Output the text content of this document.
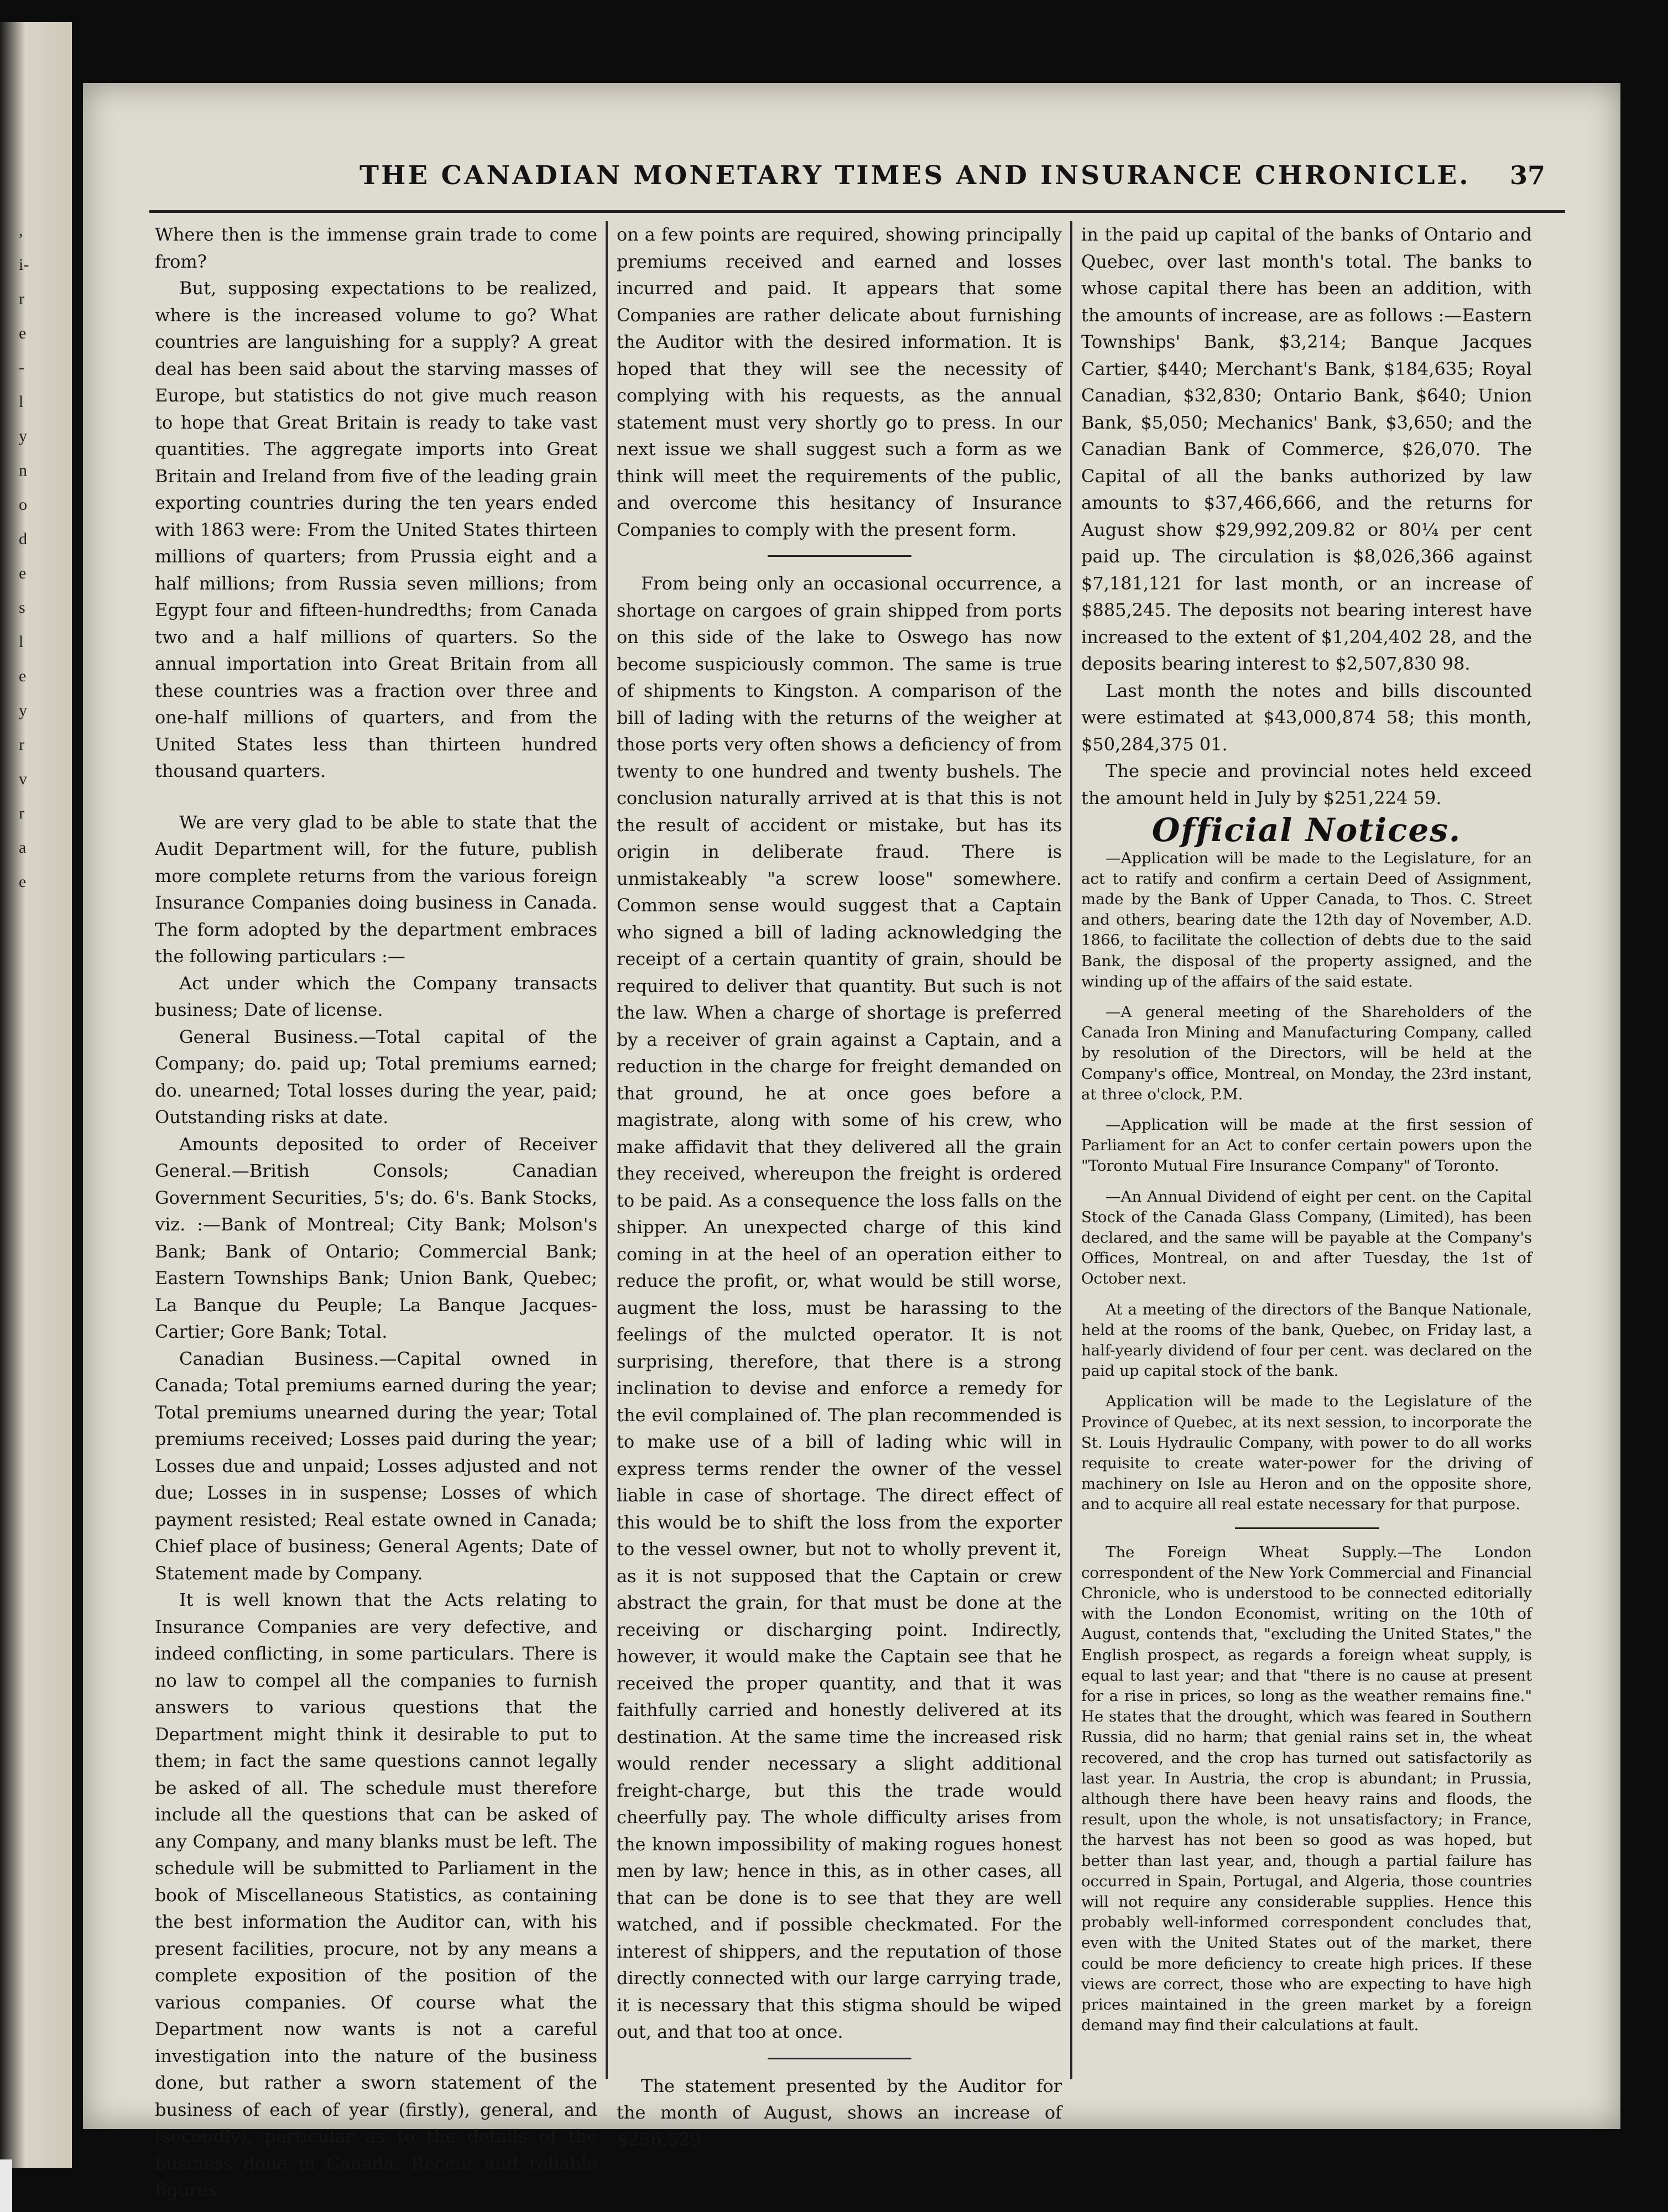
,
i-
r
e
-
l
y
n
o
d
e
s
l
e
y
r
v
r
a
e
THE CANADIAN MONETARY TIMES AND INSURANCE CHRONICLE. 37

Where then is the immense grain trade to come from?

But, supposing expectations to be realized, where is the increased volume to go? What countries are languishing for a supply? A great deal has been said about the starving masses of Europe, but statistics do not give much reason to hope that Great Britain is ready to take vast quantities. The aggregate imports into Great Britain and Ireland from five of the leading grain exporting countries during the ten years ended with 1863 were: From the United States thirteen millions of quarters; from Prussia eight and a half millions; from Russia seven millions; from Egypt four and fifteen-hundredths; from Canada two and a half millions of quarters. So the annual importation into Great Britain from all these countries was a fraction over three and one-half millions of quarters, and from the United States less than thirteen hundred thousand quarters.

We are very glad to be able to state that the Audit Department will, for the future, publish more complete returns from the various foreign Insurance Companies doing business in Canada. The form adopted by the department embraces the following particulars :—

Act under which the Company transacts business; Date of license.

General Business.—Total capital of the Company; do. paid up; Total premiums earned; do. unearned; Total losses during the year, paid; Outstanding risks at date.

Amounts deposited to order of Receiver General.—British Consols; Canadian Government Securities, 5's; do. 6's. Bank Stocks, viz. :—Bank of Montreal; City Bank; Molson's Bank; Bank of Ontario; Commercial Bank; Eastern Townships Bank; Union Bank, Quebec; La Banque du Peuple; La Banque Jacques-Cartier; Gore Bank; Total.

Canadian Business.—Capital owned in Canada; Total premiums earned during the year; Total premiums unearned during the year; Total premiums received; Losses paid during the year; Losses due and unpaid; Losses adjusted and not due; Losses in in suspense; Losses of which payment resisted; Real estate owned in Canada; Chief place of business; General Agents; Date of Statement made by Company.

It is well known that the Acts relating to Insurance Companies are very defective, and indeed conflicting, in some particulars. There is no law to compel all the companies to furnish answers to various questions that the Department might think it desirable to put to them; in fact the same questions cannot legally be asked of all. The schedule must therefore include all the questions that can be asked of any Company, and many blanks must be left. The schedule will be submitted to Parliament in the book of Miscellaneous Statistics, as containing the best information the Auditor can, with his present facilities, procure, not by any means a complete exposition of the position of the various companies. Of course what the Department now wants is not a careful investigation into the nature of the business done, but rather a sworn statement of the business of each of year (firstly), general, and (secondly), particular as to the details of the business done in Canada. Recent and reliable figures

on a few points are required, showing principally premiums received and earned and losses incurred and paid. It appears that some Companies are rather delicate about furnishing the Auditor with the desired information. It is hoped that they will see the necessity of complying with his requests, as the annual statement must very shortly go to press. In our next issue we shall suggest such a form as we think will meet the requirements of the public, and overcome this hesitancy of Insurance Companies to comply with the present form.

From being only an occasional occurrence, a shortage on cargoes of grain shipped from ports on this side of the lake to Oswego has now become suspiciously common. The same is true of shipments to Kingston. A comparison of the bill of lading with the returns of the weigher at those ports very often shows a deficiency of from twenty to one hundred and twenty bushels. The conclusion naturally arrived at is that this is not the result of accident or mistake, but has its origin in deliberate fraud. There is unmistakeably "a screw loose" somewhere. Common sense would suggest that a Captain who signed a bill of lading acknowledging the receipt of a certain quantity of grain, should be required to deliver that quantity. But such is not the law. When a charge of shortage is preferred by a receiver of grain against a Captain, and a reduction in the charge for freight demanded on that ground, he at once goes before a magistrate, along with some of his crew, who make affidavit that they delivered all the grain they received, whereupon the freight is ordered to be paid. As a consequence the loss falls on the shipper. An unexpected charge of this kind coming in at the heel of an operation either to reduce the profit, or, what would be still worse, augment the loss, must be harassing to the feelings of the mulcted operator. It is not surprising, therefore, that there is a strong inclination to devise and enforce a remedy for the evil complained of. The plan recommended is to make use of a bill of lading whic will in express terms render the owner of the vessel liable in case of shortage. The direct effect of this would be to shift the loss from the exporter to the vessel owner, but not to wholly prevent it, as it is not supposed that the Captain or crew abstract the grain, for that must be done at the receiving or discharging point. Indirectly, however, it would make the Captain see that he received the proper quantity, and that it was faithfully carried and honestly delivered at its destination. At the same time the increased risk would render necessary a slight additional freight-charge, but this the trade would cheerfully pay. The whole difficulty arises from the known impossibility of making rogues honest men by law; hence in this, as in other cases, all that can be done is to see that they are well watched, and if possible checkmated. For the interest of shippers, and the reputation of those directly connected with our large carrying trade, it is necessary that this stigma should be wiped out, and that too at once.

The statement presented by the Auditor for the month of August, shows an increase of $256,529

in the paid up capital of the banks of Ontario and Quebec, over last month's total. The banks to whose capital there has been an addition, with the amounts of increase, are as follows :—Eastern Townships' Bank, $3,214; Banque Jacques Cartier, $440; Merchant's Bank, $184,635; Royal Canadian, $32,830; Ontario Bank, $640; Union Bank, $5,050; Mechanics' Bank, $3,650; and the Canadian Bank of Commerce, $26,070. The Capital of all the banks authorized by law amounts to $37,466,666, and the returns for August show $29,992,209.82 or 80¼ per cent paid up. The circulation is $8,026,366 against $7,181,121 for last month, or an increase of $885,245. The deposits not bearing interest have increased to the extent of $1,204,402 28, and the deposits bearing interest to $2,507,830 98.

Last month the notes and bills discounted were estimated at $43,000,874 58; this month, $50,284,375 01.

The specie and provincial notes held exceed the amount held in July by $251,224 59.

Official Notices.

—Application will be made to the Legislature, for an act to ratify and confirm a certain Deed of Assignment, made by the Bank of Upper Canada, to Thos. C. Street and others, bearing date the 12th day of November, A.D. 1866, to facilitate the collection of debts due to the said Bank, the disposal of the property assigned, and the winding up of the affairs of the said estate.

—A general meeting of the Shareholders of the Canada Iron Mining and Manufacturing Company, called by resolution of the Directors, will be held at the Company's office, Montreal, on Monday, the 23rd instant, at three o'clock, P.M.

—Application will be made at the first session of Parliament for an Act to confer certain powers upon the "Toronto Mutual Fire Insurance Company" of Toronto.

—An Annual Dividend of eight per cent. on the Capital Stock of the Canada Glass Company, (Limited), has been declared, and the same will be payable at the Company's Offices, Montreal, on and after Tuesday, the 1st of October next.

At a meeting of the directors of the Banque Nationale, held at the rooms of the bank, Quebec, on Friday last, a half-yearly dividend of four per cent. was declared on the paid up capital stock of the bank.

Application will be made to the Legislature of the Province of Quebec, at its next session, to incorporate the St. Louis Hydraulic Company, with power to do all works requisite to create water-power for the driving of machinery on Isle au Heron and on the opposite shore, and to acquire all real estate necessary for that purpose.

The Foreign Wheat Supply.—The London correspondent of the New York Commercial and Financial Chronicle, who is understood to be connected editorially with the London Economist, writing on the 10th of August, contends that, "excluding the United States," the English prospect, as regards a foreign wheat supply, is equal to last year; and that "there is no cause at present for a rise in prices, so long as the weather remains fine." He states that the drought, which was feared in Southern Russia, did no harm; that genial rains set in, the wheat recovered, and the crop has turned out satisfactorily as last year. In Austria, the crop is abundant; in Prussia, although there have been heavy rains and floods, the result, upon the whole, is not unsatisfactory; in France, the harvest has not been so good as was hoped, but better than last year, and, though a partial failure has occurred in Spain, Portugal, and Algeria, those countries will not require any considerable supplies. Hence this probably well-informed correspondent concludes that, even with the United States out of the market, there could be more deficiency to create high prices. If these views are correct, those who are expecting to have high prices maintained in the green market by a foreign demand may find their calculations at fault.
